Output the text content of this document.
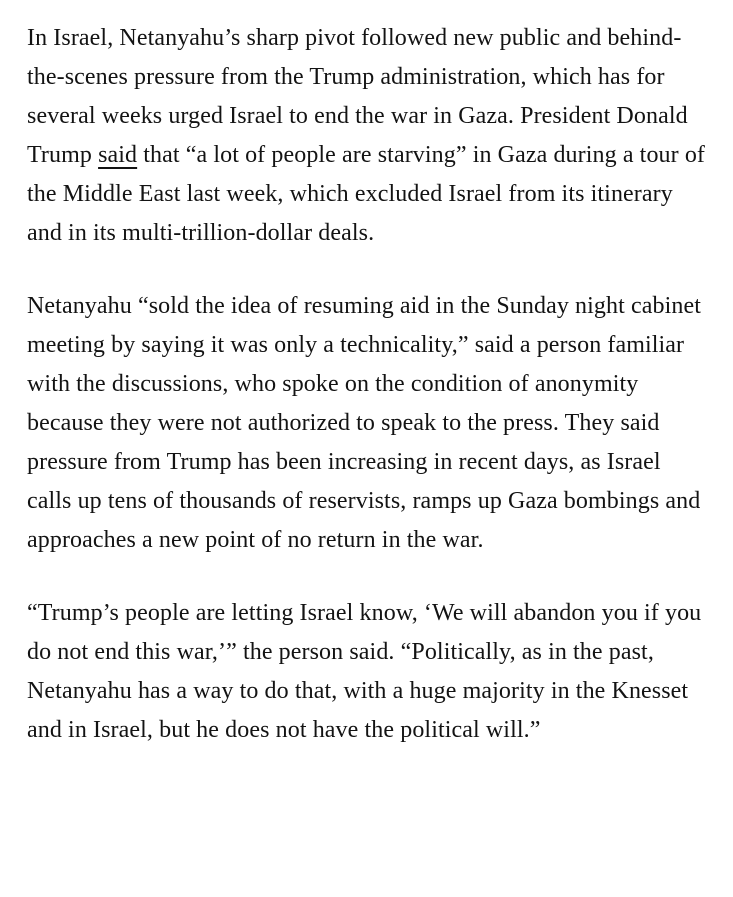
In Israel, Netanyahu’s sharp pivot followed new public and behind-the-scenes pressure from the Trump administration, which has for several weeks urged Israel to end the war in Gaza. President Donald Trump said that “a lot of people are starving” in Gaza during a tour of the Middle East last week, which excluded Israel from its itinerary and in its multi-trillion-dollar deals.

Netanyahu “sold the idea of resuming aid in the Sunday night cabinet meeting by saying it was only a technicality,” said a person familiar with the discussions, who spoke on the condition of anonymity because they were not authorized to speak to the press. They said pressure from Trump has been increasing in recent days, as Israel calls up tens of thousands of reservists, ramps up Gaza bombings and approaches a new point of no return in the war.

“Trump’s people are letting Israel know, ‘We will abandon you if you do not end this war,’” the person said. “Politically, as in the past, Netanyahu has a way to do that, with a huge majority in the Knesset and in Israel, but he does not have the political will.”
